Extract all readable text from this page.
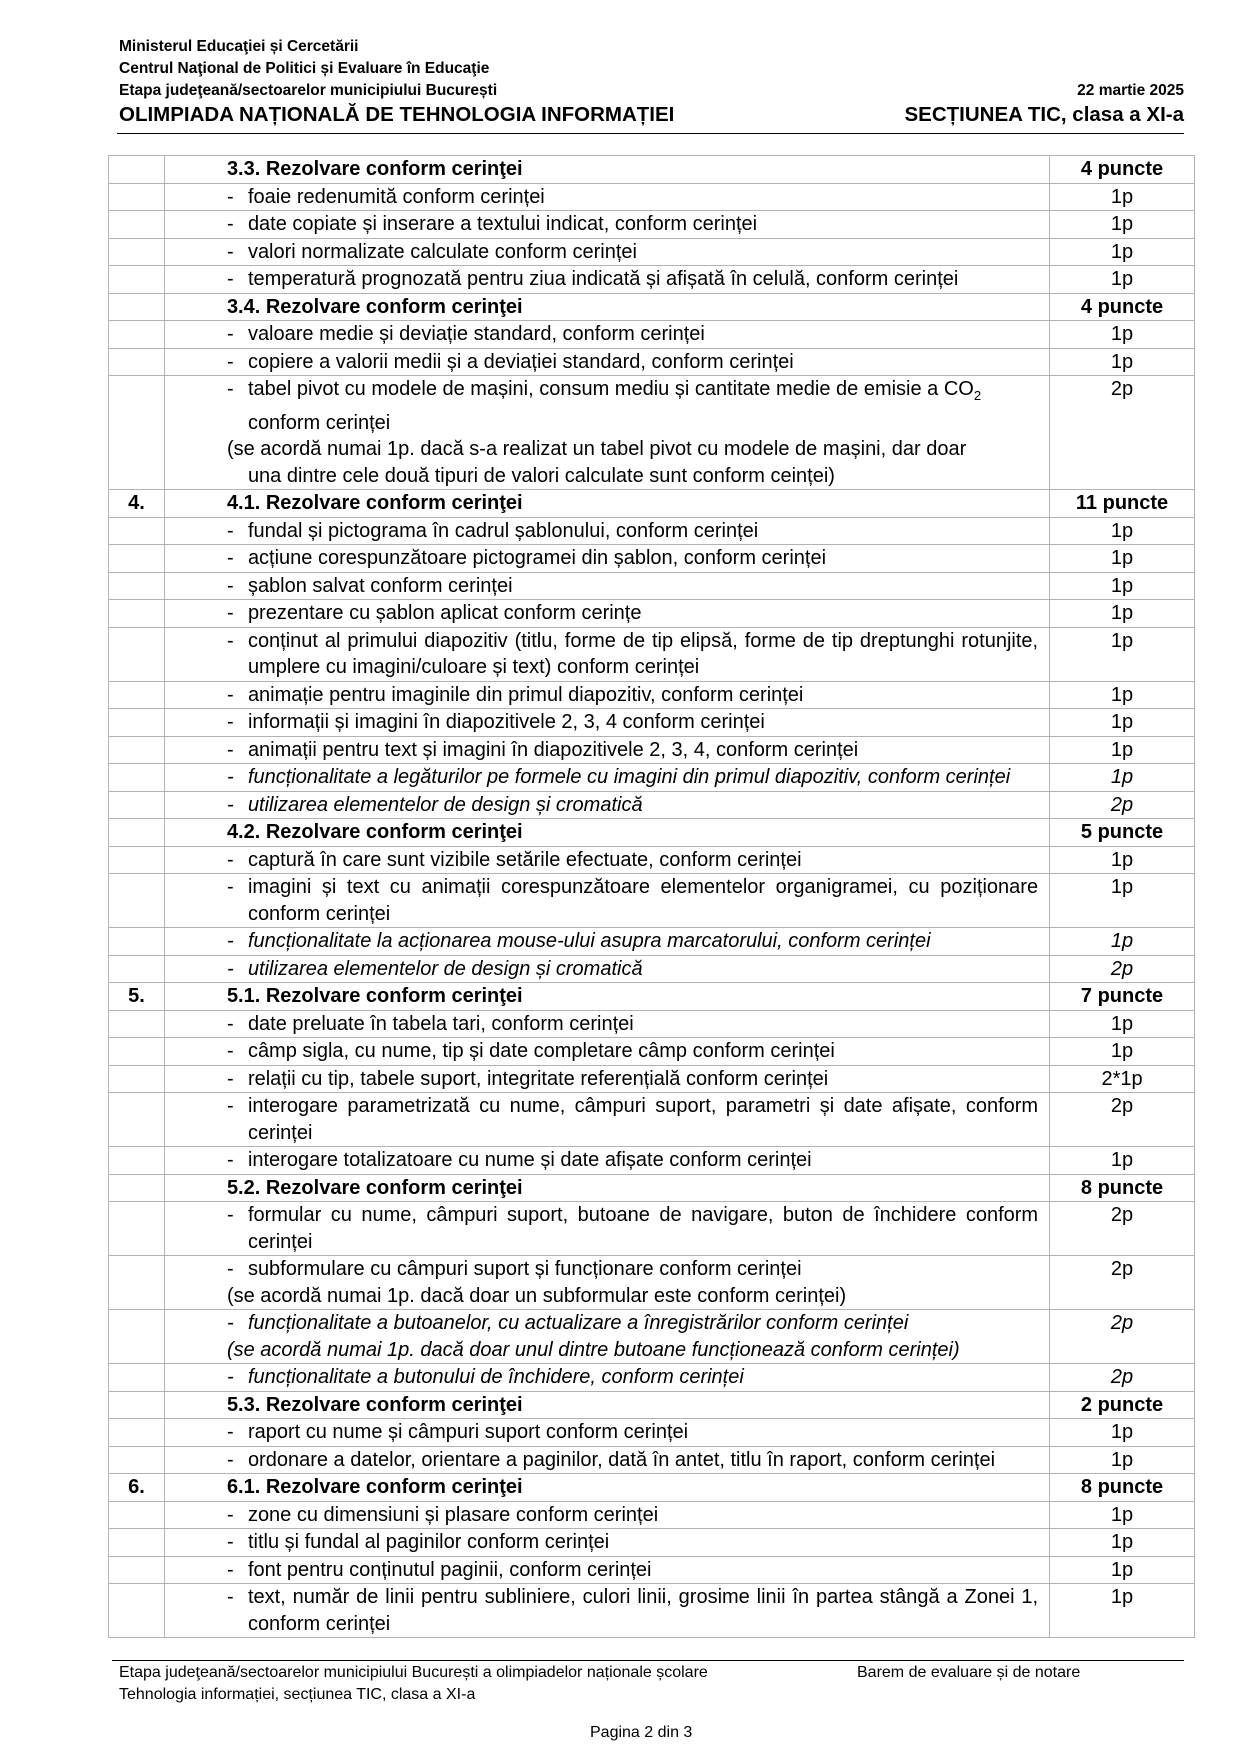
Ministerul Educaţiei și Cercetării
Centrul Naţional de Politici și Evaluare în Educaţie
Etapa judeţeană/sectoarelor municipiului București	22 martie 2025
OLIMPIADA NAȚIONALĂ DE TEHNOLOGIA INFORMAȚIEI	SECȚIUNEA TIC, clasa a XI-a
	3.3. Rezolvare conform cerinţei	4 puncte
	- foaie redenumită conform cerinței	1p
	- date copiate și inserare a textului indicat, conform cerinței	1p
	- valori normalizate calculate conform cerinței	1p
	- temperatură prognozată pentru ziua indicată și afișată în celulă, conform cerinței	1p
	3.4. Rezolvare conform cerinţei	4 puncte
	- valoare medie și deviație standard, conform cerinței	1p
	- copiere a valorii medii și a deviației standard, conform cerinței	1p

	- tabel pivot cu modele de mașini, consum mediu și cantitate medie de emisie a $CO_2$
conform cerinței
(se acordă numai 1p. dacă s-a realizat un tabel pivot cu modele de mașini, dar doar
una dintre cele două tipuri de valori calculate sunt conform ceinței)	2p
4.	4.1. Rezolvare conform cerinţei	11 puncte
	- fundal și pictograma în cadrul șablonului, conform cerinței	1p
	- acțiune corespunzătoare pictogramei din șablon, conform cerinței	1p
	- șablon salvat conform cerinței	1p
	- prezentare cu șablon aplicat conform cerințe	1p
	- conținut al primului diapozitiv (titlu, forme de tip elipsă, forme de tip dreptunghi rotunjite, umplere cu imagini/culoare și text) conform cerinței	1p
	- animație pentru imaginile din primul diapozitiv, conform cerinței	1p
	- informații și imagini în diapozitivele 2, 3, 4 conform cerinței	1p
	- animații pentru text și imagini în diapozitivele 2, 3, 4, conform cerinței	1p
	- funcționalitate a legăturilor pe formele cu imagini din primul diapozitiv, conform cerinței	1p
	- utilizarea elementelor de design și cromatică	2p
	4.2. Rezolvare conform cerinţei	5 puncte
	- captură în care sunt vizibile setările efectuate, conform cerinței	1p
	- imagini și text cu animații corespunzătoare elementelor organigramei, cu poziționare conform cerinței	1p
	- funcționalitate la acționarea mouse-ului asupra marcatorului, conform cerinței	1p
	- utilizarea elementelor de design și cromatică	2p
5.	5.1. Rezolvare conform cerinţei	7 puncte
	- date preluate în tabela tari, conform cerinței	1p
	- câmp sigla, cu nume, tip și date completare câmp conform cerinței	1p
	- relații cu tip, tabele suport, integritate referențială conform cerinței	2*1p
	- interogare parametrizată cu nume, câmpuri suport, parametri și date afișate, conform cerinței	2p
	- interogare totalizatoare cu nume și date afișate conform cerinței	1p
	5.2. Rezolvare conform cerinţei	8 puncte
	- formular cu nume, câmpuri suport, butoane de navigare, buton de închidere conform cerinței	2p

	- subformulare cu câmpuri suport și funcționare conform cerinței
(se acordă numai 1p. dacă doar un subformular este conform cerinței)	2p

	- funcționalitate a butoanelor, cu actualizare a înregistrărilor conform cerinței
(se acordă numai 1p. dacă doar unul dintre butoane funcționează conform cerinței)	2p
	- funcționalitate a butonului de închidere, conform cerinței	2p
	5.3. Rezolvare conform cerinţei	2 puncte
	- raport cu nume și câmpuri suport conform cerinței	1p
	- ordonare a datelor, orientare a paginilor, dată în antet, titlu în raport, conform cerinței	1p
6.	6.1. Rezolvare conform cerinţei	8 puncte
	- zone cu dimensiuni și plasare conform cerinței	1p
	- titlu și fundal al paginilor conform cerinței	1p
	- font pentru conținutul paginii, conform cerinței	1p
	- text, număr de linii pentru subliniere, culori linii, grosime linii în partea stângă a Zonei 1, conform cerinței	1p
Etapa judeţeană/sectoarelor municipiului București a olimpiadelor naționale școlare	Barem de evaluare și de notare
Tehnologia informației, secțiunea TIC, clasa a XI-a
Pagina 2 din 3
